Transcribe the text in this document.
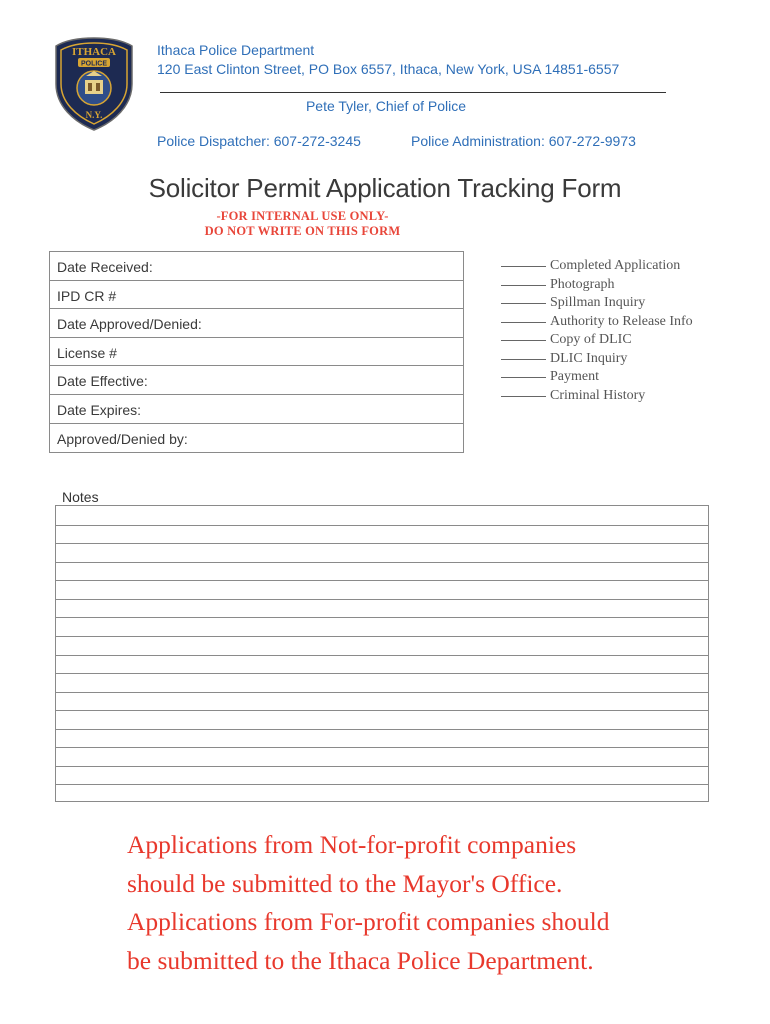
ITHACA
POLICE
N.Y.
Ithaca Police Department
120 East Clinton Street, PO Box 6557, Ithaca, New York, USA 14851-6557
Pete Tyler, Chief of Police
Police Dispatcher: 607-272-3245	Police Administration: 607-272-9973
Solicitor Permit Application Tracking Form
-FOR INTERNAL USE ONLY-
DO NOT WRITE ON THIS FORM
Date Received:
IPD CR #
Date Approved/Denied:
License #
Date Effective:
Date Expires:
Approved/Denied by:
Completed Application
Photograph
Spillman Inquiry
Authority to Release Info
Copy of DLIC
DLIC Inquiry
Payment
Criminal History
Notes
Applications from Not-for-profit companies
should be submitted to the Mayor's Office.
Applications from For-profit companies should
be submitted to the Ithaca Police Department.
